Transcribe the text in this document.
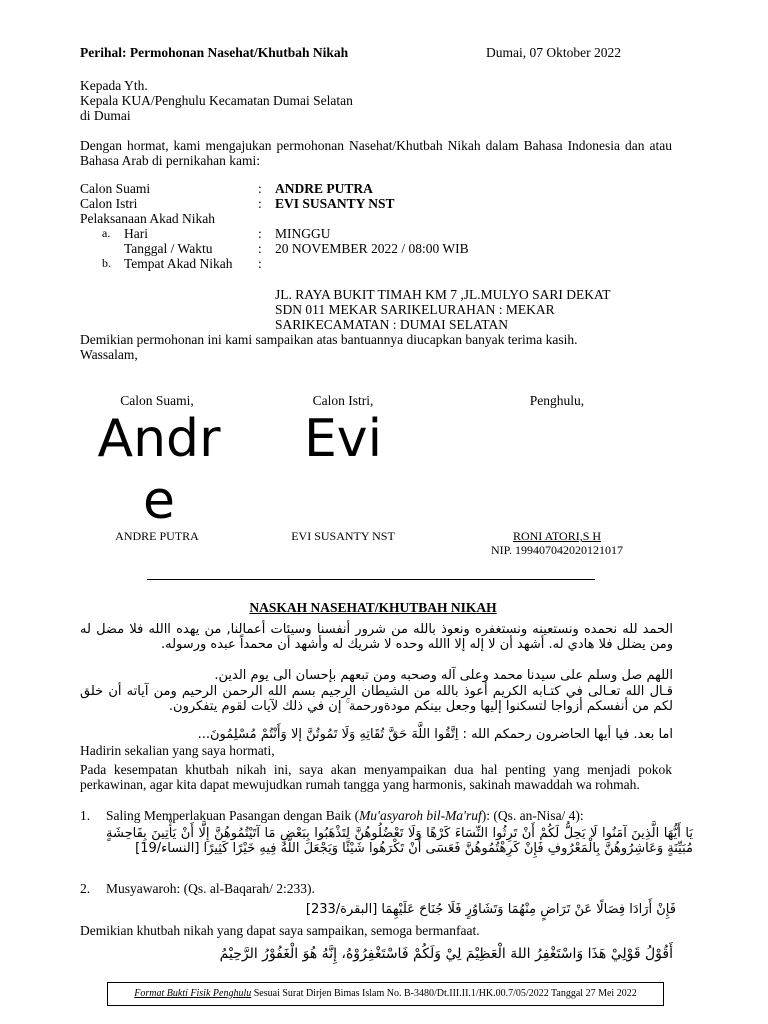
Perihal: Permohonan Nasehat/Khutbah Nikah	Dumai, 07 Oktober 2022
Kepada Yth.
Kepala KUA/Penghulu Kecamatan Dumai Selatan
di Dumai
Dengan hormat, kami mengajukan permohonan Nasehat/Khutbah Nikah dalam Bahasa Indonesia dan atau Bahasa Arab di pernikahan kami:
Calon Suami	: ANDRE PUTRA
Calon Istri	: EVI SUSANTY NST
Pelaksanaan Akad Nikah
a. Hari	: MINGGU
Tanggal / Waktu	: 20 NOVEMBER 2022 / 08:00 WIB
b. Tempat Akad Nikah :
JL. RAYA BUKIT TIMAH KM 7 ,JL.MULYO SARI DEKAT
SDN 011 MEKAR SARIKELURAHAN : MEKAR
SARIKECAMATAN : DUMAI SELATAN
Demikian permohonan ini kami sampaikan atas bantuannya diucapkan banyak terima kasih.
Wassalam,
Calon Suami,	Calon Istri,	Penghulu,
Andre
Evi
ANDRE PUTRA	EVI SUSANTY NST	RONI ATORI,S H
NIP. 199407042020121017
NASKAH NASEHAT/KHUTBAH NIKAH
الحمد لله نحمده ونستعينه ونستغفره ونعوذ بالله من شرور أنفسنا وسيئات أعمالنا, من يهده االله فلا مضل له ومن يضلل فلا هادي له. أشهد أن لا إله إلا االله وحده لا شريك له وأشهد أن محمداً عبده ورسوله.
اللهم صل وسلم على سيدنا محمد وعلى آله وصحبه ومن تبعهم بإحسان الى يوم الدين.
قـال الله تعـالى في كتـابه الكريم أعوذ بالله من الشيطان الرجيم بسم الله الرحمن الرحيم ومن آياته أن خلق لكم من أنفسكم أزواجا لتسكنوا إليها وجعل بينكم مودةورحمة ۚ إن في ذلك لآيات لقوم يتفكرون.
اما بعد. فيا أيها الحاضرون رحمكم الله : اِتَّقُوا اللَّهَ حَقَّ تُقَاتِهِ وَلَا تَمُوتُنَّ إلا وَأَنْتُمْ مُسْلِمُونَ...
Hadirin sekalian yang saya hormati,
Pada kesempatan khutbah nikah ini, saya akan menyampaikan dua hal penting yang menjadi pokok perkawinan, agar kita dapat mewujudkan rumah tangga yang harmonis, sakinah mawaddah wa rohmah.
1. Saling Memperlakuan Pasangan dengan Baik (Mu'asyaroh bil-Ma'ruf): (Qs. an-Nisa/ 4):
يَا أَيُّهَا الَّذِينَ آمَنُوا لَا يَحِلُّ لَكُمْ أَنْ تَرِثُوا النِّسَاءَ كَرْهًا وَلَا تَعْضُلُوهُنَّ لِتَذْهَبُوا بِبَعْضِ مَا آتَيْتُمُوهُنَّ إِلَّا أَنْ يَأْتِينَ بِفَاحِشَةٍ مُبَيِّنَةٍ وَعَاشِرُوهُنَّ بِالْمَعْرُوفِ فَإِنْ كَرِهْتُمُوهُنَّ فَعَسَى أَنْ تَكْرَهُوا شَيْئًا وَيَجْعَلَ اللَّهُ فِيهِ خَيْرًا كَثِيرًا [النساء/19]
2. Musyawaroh: (Qs. al-Baqarah/ 2:233).
فَإِنْ أَرَادَا فِصَالًا عَنْ تَرَاضٍ مِنْهُمَا وَتَشَاوُرٍ فَلَا جُنَاحَ عَلَيْهِمَا [البقرة/233]
Demikian khutbah nikah yang dapat saya sampaikan, semoga bermanfaat.
أَقُوْلُ قَوْلِيْ هَذَا وَاسْتَغْفِرُ اللهَ الْعَظِيْمَ لِيْ وَلَكُمْ فَاسْتَغْفِرُوْهُ، إِنَّهُ هُوَ الْغَفُوْرُ الرَّحِيْمُ
Format Bukti Fisik Penghulu Sesuai Surat Dirjen Bimas Islam No. B-3480/Dt.III.II.1/HK.00.7/05/2022 Tanggal 27 Mei 2022
